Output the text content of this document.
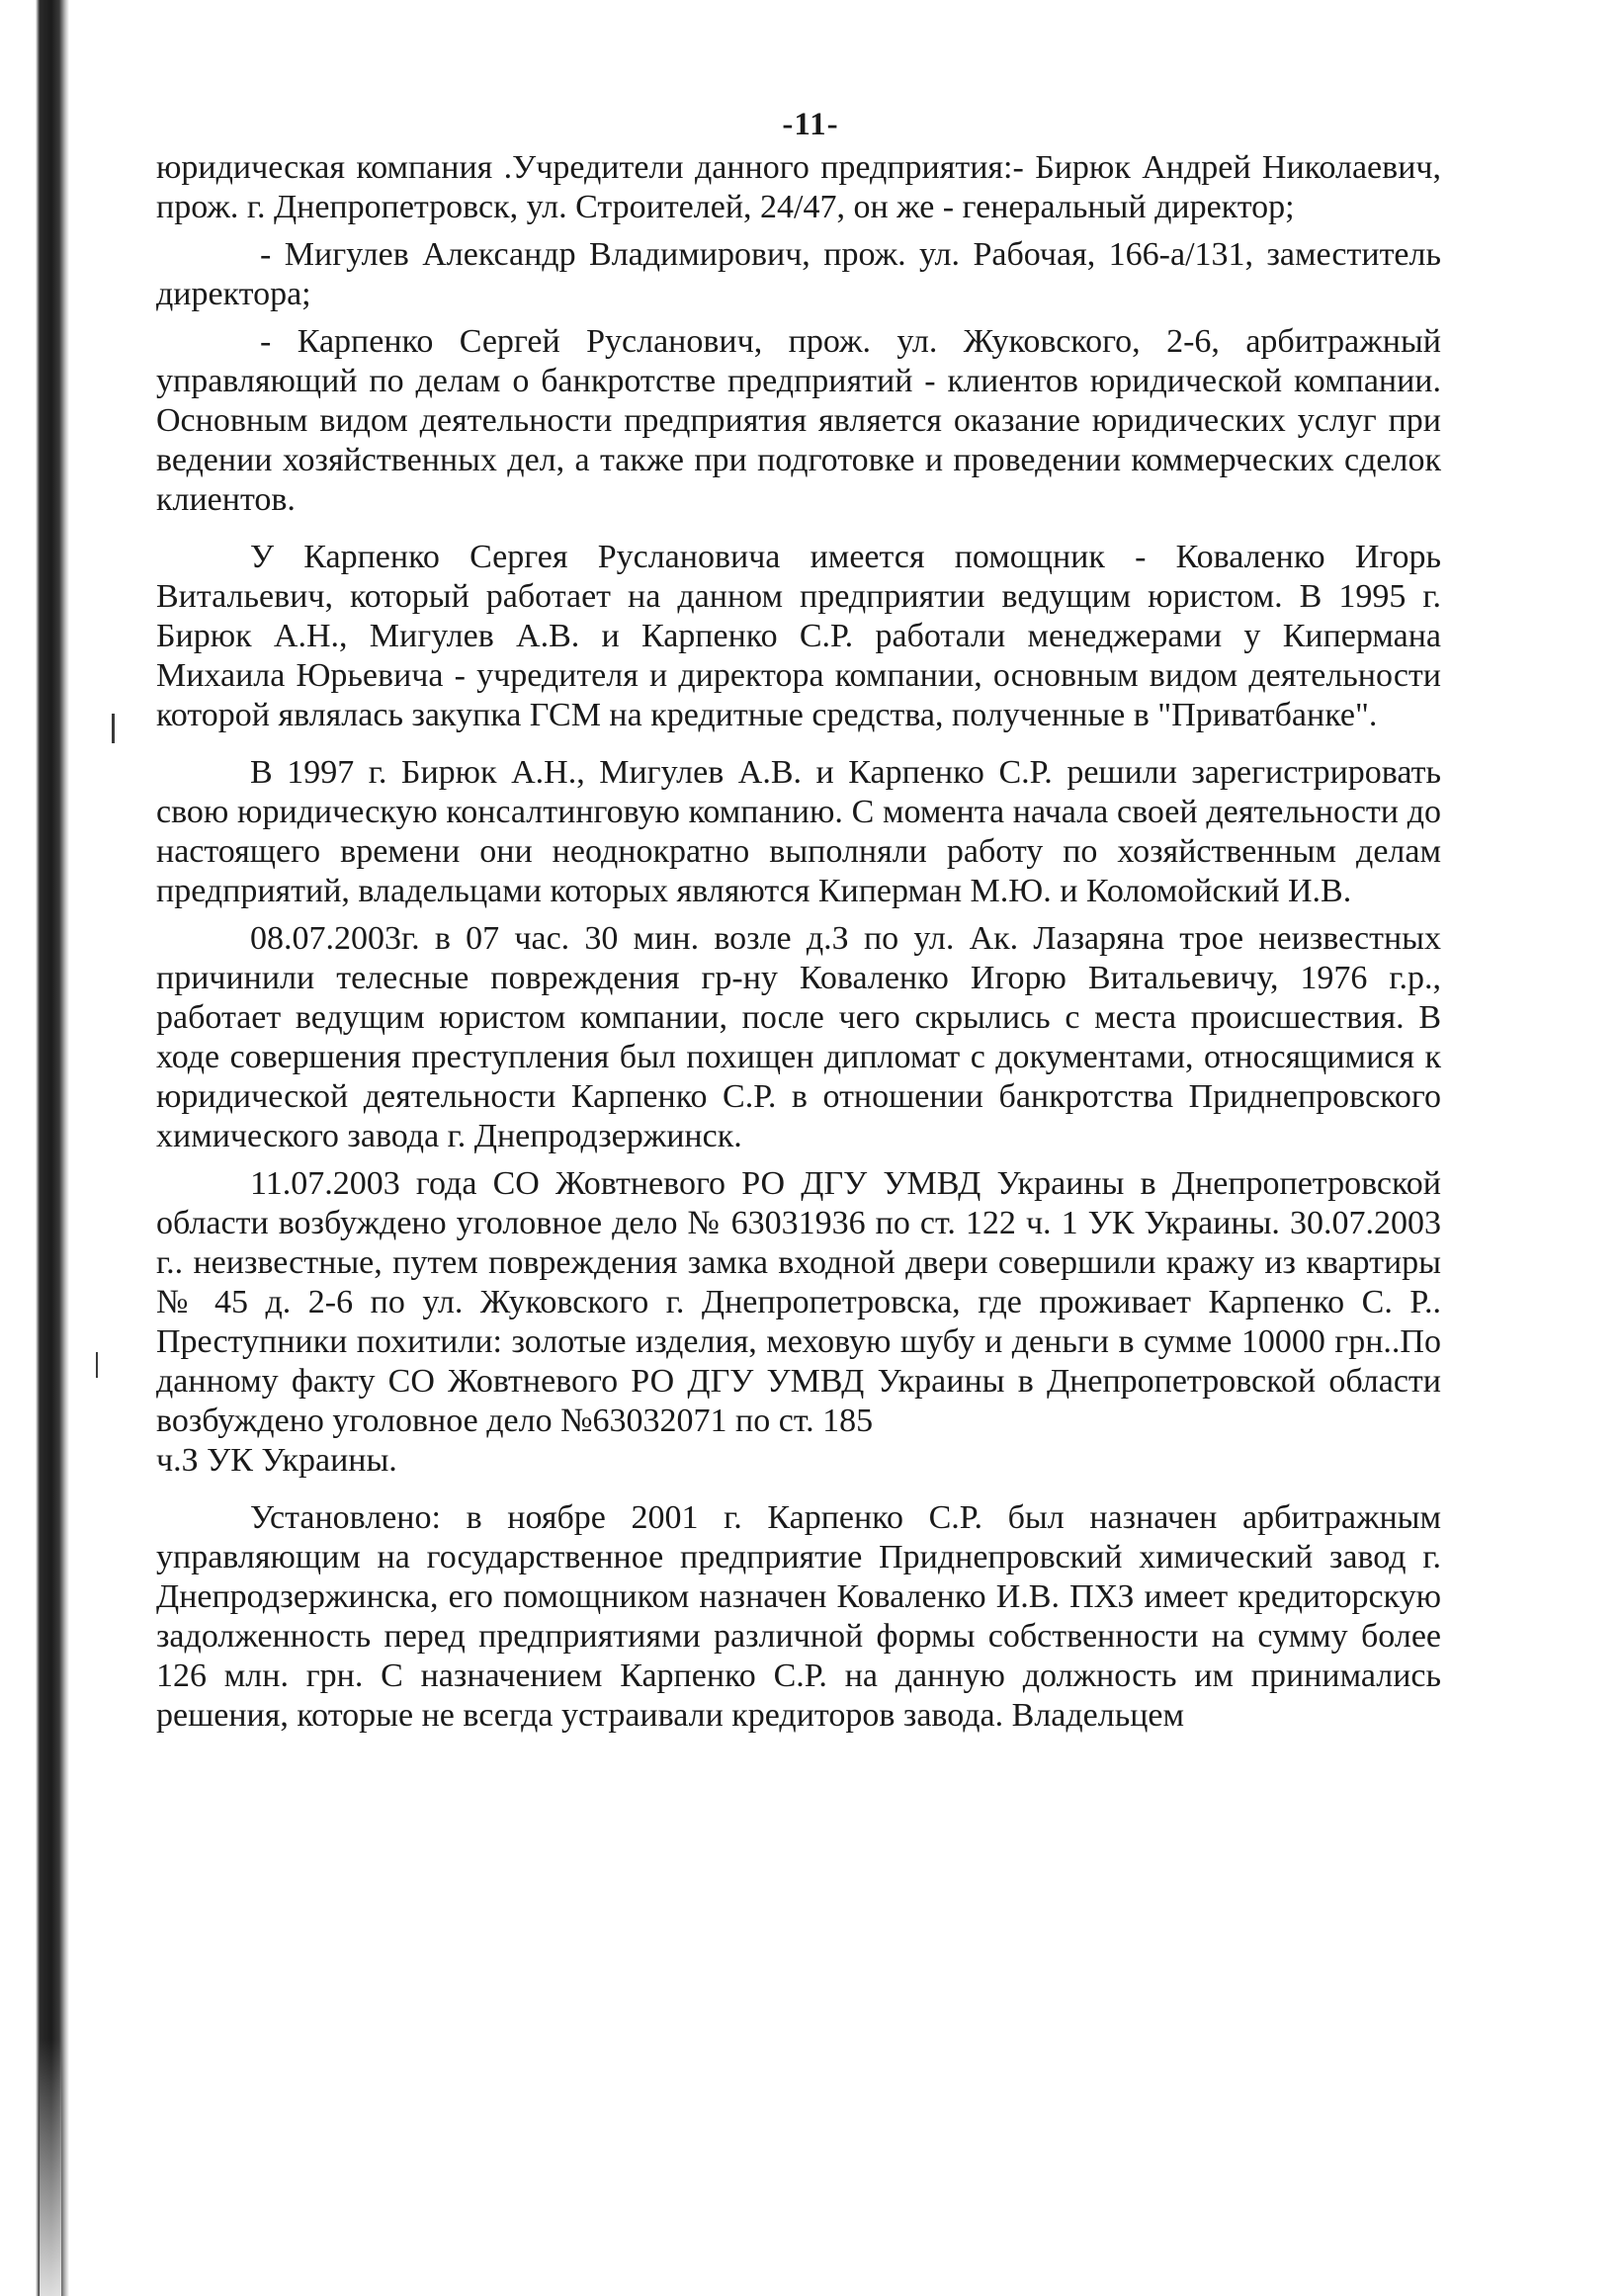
-11-

юридическая компания .Учредители данного предприятия:- Бирюк Андрей Николаевич, прож. г. Днепропетровск, ул. Строителей, 24/47, он же - генеральный директор;

- Мигулев Александр Владимирович, прож. ул. Рабочая, 166-а/131, заместитель директора;

- Карпенко Сергей Русланович, прож. ул. Жуковского, 2-6, арбитражный управляющий по делам о банкротстве предприятий - клиентов юридической компании. Основным видом деятельности предприятия является оказание юридических услуг при ведении хозяйственных дел, а также при подготовке и проведении коммерческих сделок клиентов.

У Карпенко Сергея Руслановича имеется помощник - Коваленко Игорь Витальевич, который работает на данном предприятии ведущим юристом. В 1995 г. Бирюк А.Н., Мигулев А.В. и Карпенко С.Р. работали менеджерами у Кипермана Михаила Юрьевича - учредителя и директора компании, основным видом деятельности которой являлась закупка ГСМ на кредитные средства, полученные в "Приватбанке".

В 1997 г. Бирюк А.Н., Мигулев А.В. и Карпенко С.Р. решили зарегистрировать свою юридическую консалтинговую компанию. С момента начала своей деятельности до настоящего времени они неоднократно выполняли работу по хозяйственным делам предприятий, владельцами которых являются Киперман М.Ю. и Коломойский И.В.

08.07.2003г. в 07 час. 30 мин. возле д.З по ул. Ак. Лазаряна трое неизвестных причинили телесные повреждения гр-ну Коваленко Игорю Витальевичу, 1976 г.р., работает ведущим юристом компании, после чего скрылись с места происшествия. В ходе совершения преступления был похищен дипломат с документами, относящимися к юридической деятельности Карпенко С.Р. в отношении банкротства Приднепровского химического завода г. Днепродзержинск.

11.07.2003 года СО Жовтневого РО ДГУ УМВД Украины в Днепропетровской области возбуждено уголовное дело № 63031936 по ст. 122 ч. 1 УК Украины. 30.07.2003 г.. неизвестные, путем повреждения замка входной двери совершили кражу из квартиры № 45 д. 2-6 по ул. Жуковского г. Днепропетровска, где проживает Карпенко С. Р.. Преступники похитили: золотые изделия, меховую шубу и деньги в сумме 10000 грн..По данному факту СО Жовтневого РО ДГУ УМВД Украины в Днепропетровской области возбуждено уголовное дело №63032071 по ст. 185

ч.З УК Украины.

Установлено: в ноябре 2001 г. Карпенко С.Р. был назначен арбитражным управляющим на государственное предприятие Приднепровский химический завод г. Днепродзержинска, его помощником назначен Коваленко И.В. ПХЗ имеет кредиторскую задолженность перед предприятиями различной формы собственности на сумму более 126 млн. грн. С назначением Карпенко С.Р. на данную должность им принимались решения, которые не всегда устраивали кредиторов завода. Владельцем
